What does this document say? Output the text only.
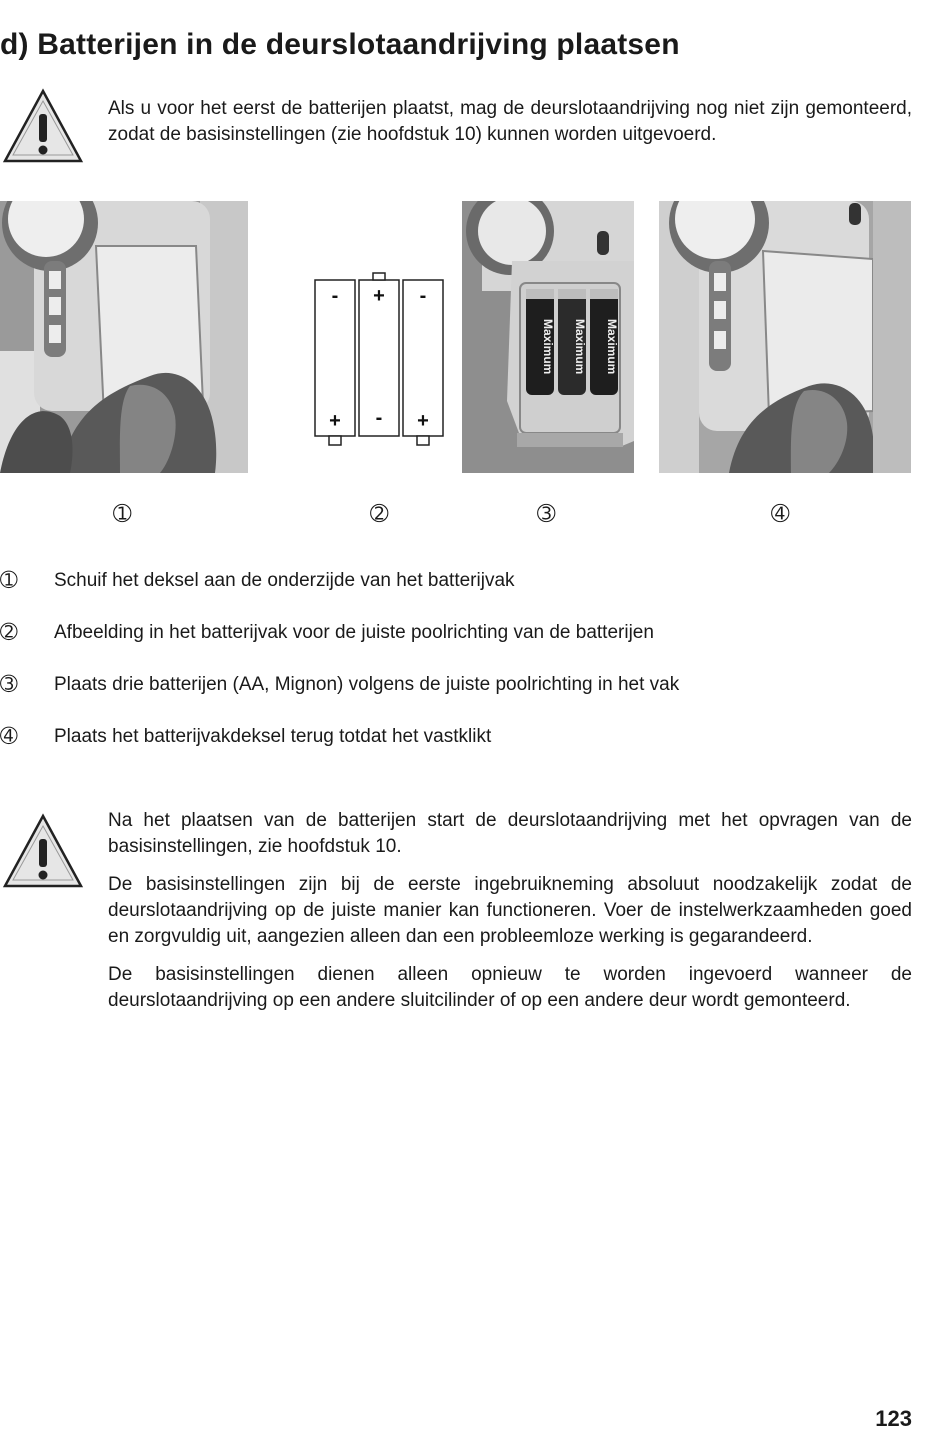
d) Batterijen in de deurslotaandrijving plaatsen

Als u voor het eerst de batterijen plaatst, mag de deurslotaandrijving nog niet zijn gemonteerd, zodat de basisinstellingen (zie hoofdstuk 10) kunnen worden uitgevoerd.

- + -
+ - +
Maximum Maximum Maximum
➀	➁	➂	➃
➀ Schuif het deksel aan de onderzijde van het batterijvak
➁ Afbeelding in het batterijvak voor de juiste poolrichting van de batterijen
➂ Plaats drie batterijen (AA, Mignon) volgens de juiste poolrichting in het vak
➃ Plaats het batterijvakdeksel terug totdat het vastklikt

Na het plaatsen van de batterijen start de deurslotaandrijving met het opvragen van de basisinstellingen, zie hoofdstuk 10.

De basisinstellingen zijn bij de eerste ingebruikneming absoluut noodzakelijk zodat de deurslotaandrijving op de juiste manier kan functioneren. Voer de instelwerkzaamheden goed en zorgvuldig uit, aangezien alleen dan een probleemloze werking is gegarandeerd.

De basisinstellingen dienen alleen opnieuw te worden ingevoerd wanneer de deurslotaandrijving op een andere sluitcilinder of op een andere deur wordt gemonteerd.

123
